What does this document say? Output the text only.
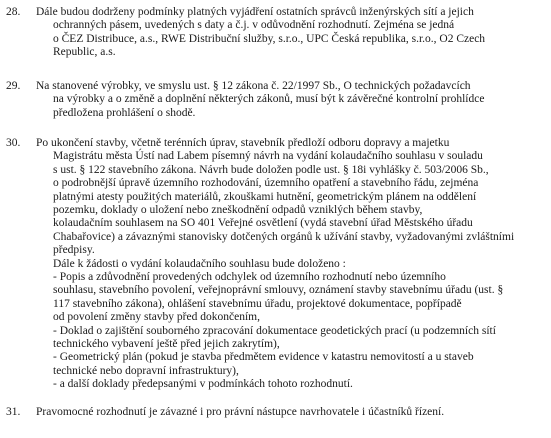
28. Dále budou dodrženy podmínky platných vyjádření ostatních správců inženýrských sítí a jejich
ochranných pásem, uvedených s daty a č.j. v odůvodnění rozhodnutí. Zejména se jedná
o ČEZ Distribuce, a.s., RWE Distribuční služby, s.r.o., UPC Česká republika, s.r.o., O2 Czech
Republic, a.s.
29. Na stanovené výrobky, ve smyslu ust. § 12 zákona č. 22/1997 Sb., O technických požadavcích
na výrobky a o změně a doplnění některých zákonů, musí být k závěrečné kontrolní prohlídce
předložena prohlášení o shodě.
30. Po ukončení stavby, včetně terénních úprav, stavebník předloží odboru dopravy a majetku
Magistrátu města Ústí nad Labem písemný návrh na vydání kolaudačního souhlasu v souladu
s ust. § 122 stavebního zákona. Návrh bude doložen podle ust. § 18i vyhlášky č. 503/2006 Sb.,
o podrobnější úpravě územního rozhodování, územního opatření a stavebního řádu, zejména
platnými atesty použitých materiálů, zkouškami hutnění, geometrickým plánem na oddělení
pozemku, doklady o uložení nebo zneškodnění odpadů vzniklých během stavby,
kolaudačním souhlasem na SO 401 Veřejné osvětlení (vydá stavební úřad Městského úřadu
Chabařovice) a závaznými stanovisky dotčených orgánů k užívání stavby, vyžadovanými zvláštními
předpisy.
Dále k žádosti o vydání kolaudačního souhlasu bude doloženo :
- Popis a zdůvodnění provedených odchylek od územního rozhodnutí nebo územního
souhlasu, stavebního povolení, veřejnoprávní smlouvy, oznámení stavby stavebnímu úřadu (ust. §
117 stavebního zákona), ohlášení stavebnímu úřadu, projektové dokumentace, popřípadě
od povolení změny stavby před dokončením,
- Doklad o zajištění souborného zpracování dokumentace geodetických prací (u podzemních sítí
technického vybavení ještě před jejich zakrytím),
- Geometrický plán (pokud je stavba předmětem evidence v katastru nemovitostí a u staveb
technické nebo dopravní infrastruktury),
- a další doklady předepsanými v podmínkách tohoto rozhodnutí.
31. Pravomocné rozhodnutí je závazné i pro právní nástupce navrhovatele i účastníků řízení.
